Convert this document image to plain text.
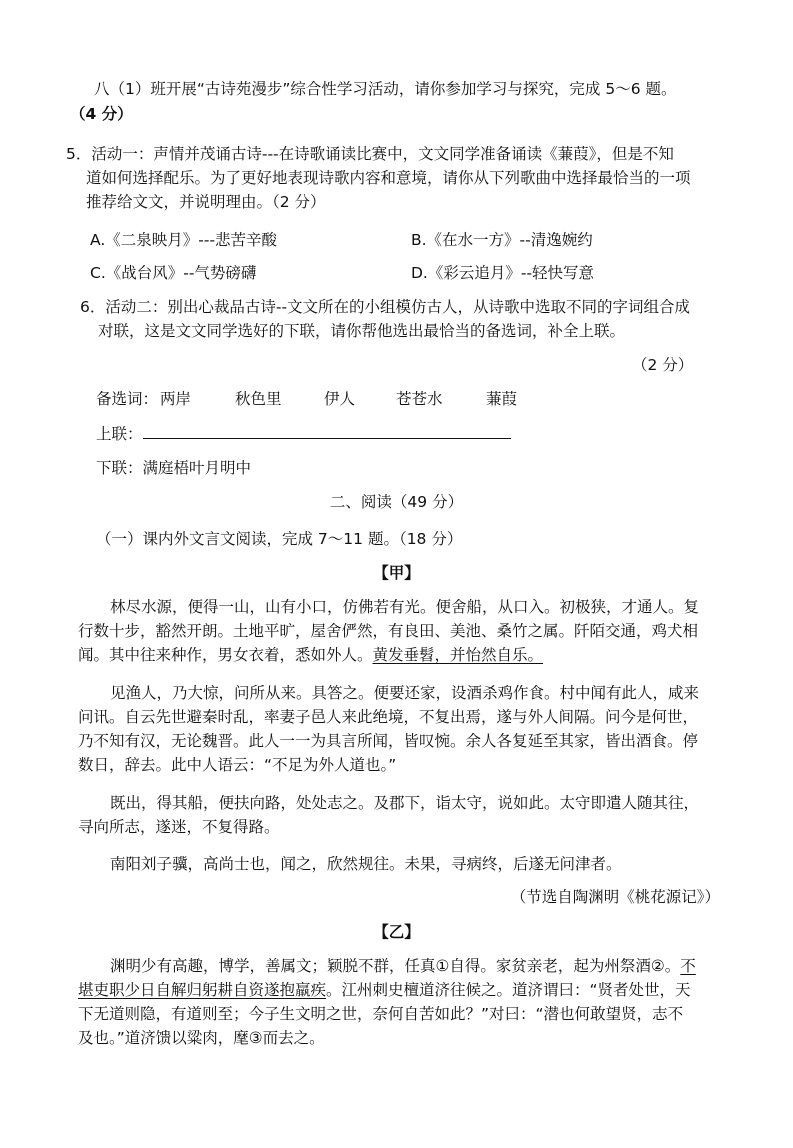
八（1）班开展“古诗苑漫步”综合性学习活动，请你参加学习与探究，完成 5～6 题。
（4 分）
5．活动一：声情并茂诵古诗---在诗歌诵读比赛中，文文同学准备诵读《蒹葭》，但是不知
道如何选择配乐。为了更好地表现诗歌内容和意境，请你从下列歌曲中选择最恰当的一项
推荐给文文，并说明理由。（2 分）
A.《二泉映月》---悲苦辛酸	B.《在水一方》--清逸婉约
C.《战台风》--气势磅礴	D.《彩云追月》--轻快写意
6．活动二：别出心裁品古诗--文文所在的小组模仿古人，从诗歌中选取不同的字词组合成
对联，这是文文同学选好的下联，请你帮他选出最恰当的备选词，补全上联。
（2 分）
备选词： 两岸	秋色里	伊人	苍苍水	蒹葭
上联：
下联：满庭梧叶月明中
二、阅读（49 分）
（一）课内外文言文阅读，完成 7～11 题。（18 分）
【甲】
林尽水源，便得一山，山有小口，仿佛若有光。便舍船，从口入。初极狭，才通人。复
行数十步，豁然开朗。土地平旷，屋舍俨然，有良田、美池、桑竹之属。阡陌交通，鸡犬相
闻。其中往来种作，男女衣着，悉如外人。黄发垂髫，并怡然自乐。
见渔人，乃大惊，问所从来。具答之。便要还家，设酒杀鸡作食。村中闻有此人，咸来
问讯。自云先世避秦时乱，率妻子邑人来此绝境，不复出焉，遂与外人间隔。问今是何世，
乃不知有汉，无论魏晋。此人一一为具言所闻，皆叹惋。余人各复延至其家，皆出酒食。停
数日，辞去。此中人语云：“不足为外人道也。”
既出，得其船，便扶向路，处处志之。及郡下，诣太守，说如此。太守即遣人随其往，
寻向所志，遂迷，不复得路。
南阳刘子骥，高尚士也，闻之，欣然规往。未果，寻病终，后遂无问津者。
（节选自陶渊明《桃花源记》）
【乙】
渊明少有高趣，博学，善属文；颖脱不群，任真①自得。家贫亲老，起为州祭酒②。不
堪吏职少日自解归躬耕自资遂抱羸疾。江州刺史檀道济往候之。道济谓曰：“贤者处世，天
下无道则隐，有道则至；今子生文明之世，奈何自苦如此？”对曰：“潜也何敢望贤，志不
及也。”道济馈以粱肉，麾③而去之。
